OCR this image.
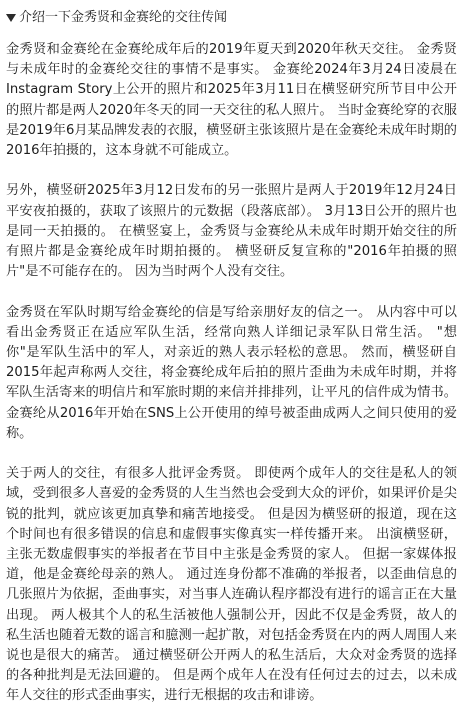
介绍一下金秀贤和金赛纶的交往传闻

金秀贤和金赛纶在金赛纶成年后的2019年夏天到2020年秋天交往。 金秀贤与未成年时的金赛纶交往的事情不是事实。 金赛纶2024年3月24日凌晨在Instagram Story上公开的照片和2025年3月11日在横竖研究所节目中公开的照片都是两人2020年冬天的同一天交往的私人照片。 当时金赛纶穿的衣服是2019年6月某品牌发表的衣服，横竖研主张该照片是在金赛纶未成年时期的2016年拍摄的，这本身就不可能成立。

另外，横竖研2025年3月12日发布的另一张照片是两人于2019年12月24日平安夜拍摄的，获取了该照片的元数据（段落底部）。 3月13日公开的照片也是同一天拍摄的。 在横竖宴上，金秀贤与金赛纶从未成年时期开始交往的所有照片都是金赛纶成年时期拍摄的。 横竖研反复宣称的"2016年拍摄的照片"是不可能存在的。 因为当时两个人没有交往。

金秀贤在军队时期写给金赛纶的信是写给亲朋好友的信之一。 从内容中可以看出金秀贤正在适应军队生活，经常向熟人详细记录军队日常生活。 "想你"是军队生活中的军人，对亲近的熟人表示轻松的意思。 然而，横竖研自2015年起声称两人交往，将金赛纶成年后拍的照片歪曲为未成年时期，并将军队生活寄来的明信片和军旅时期的来信并排排列，让平凡的信件成为情书。 金赛纶从2016年开始在SNS上公开使用的绰号被歪曲成两人之间只使用的爱称。

关于两人的交往，有很多人批评金秀贤。 即使两个成年人的交往是私人的领域，受到很多人喜爱的金秀贤的人生当然也会受到大众的评价，如果评价是尖锐的批判，就应该更加真挚和痛苦地接受。 但是因为横竖研的报道，现在这个时间也有很多错误的信息和虚假事实像真实一样传播开来。 出演横竖研，主张无数虚假事实的举报者在节目中主张是金秀贤的家人。 但据一家媒体报道，他是金赛纶母亲的熟人。 通过连身份都不准确的举报者，以歪曲信息的几张照片为依据，歪曲事实，对当事人连确认程序都没有进行的谣言正在大量出现。 两人极其个人的私生活被他人强制公开，因此不仅是金秀贤，故人的私生活也随着无数的谣言和臆测一起扩散，对包括金秀贤在内的两人周围人来说也是很大的痛苦。 通过横竖研公开两人的私生活后，大众对金秀贤的选择的各种批判是无法回避的。 但是两个成年人在没有任何过去的过去，以未成年人交往的形式歪曲事实，进行无根据的攻击和诽谤。
